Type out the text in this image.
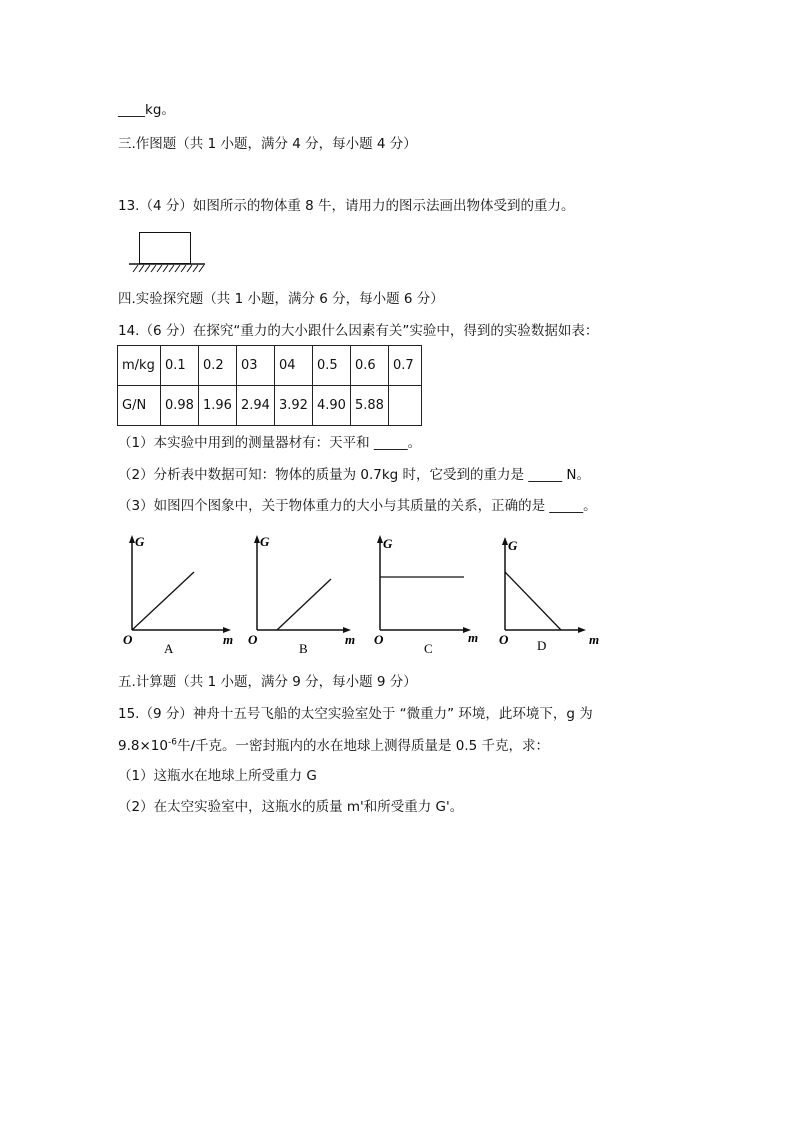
____kg。
三.作图题（共 1 小题，满分 4 分，每小题 4 分）
13.（4 分）如图所示的物体重 8 牛，请用力的图示法画出物体受到的重力。
四.实验探究题（共 1 小题，满分 6 分，每小题 6 分）
14.（6 分）在探究“重力的大小跟什么因素有关”实验中，得到的实验数据如表：
m/kg	0.1	0.2	03	04	0.5	0.6	0.7
G/N	0.98	1.96	2.94	3.92	4.90	5.88	
（1）本实验中用到的测量器材有：天平和 _____。
（2）分析表中数据可知：物体的质量为 0.7kg 时，它受到的重力是 _____ N。
（3）如图四个图象中，关于物体重力的大小与其质量的关系，正确的是 _____。
G
O	m
A
G
O	m
B
G
O	m
C
G
O	m
D
五.计算题（共 1 小题，满分 9 分，每小题 9 分）
15.（9 分）神舟十五号飞船的太空实验室处于 “微重力” 环境，此环境下，g 为
$9.8\times 10^{-6}$牛/千克。一密封瓶内的水在地球上测得质量是 0.5 千克，求：
（1）这瓶水在地球上所受重力 G
（2）在太空实验室中，这瓶水的质量 m'和所受重力 G'。
